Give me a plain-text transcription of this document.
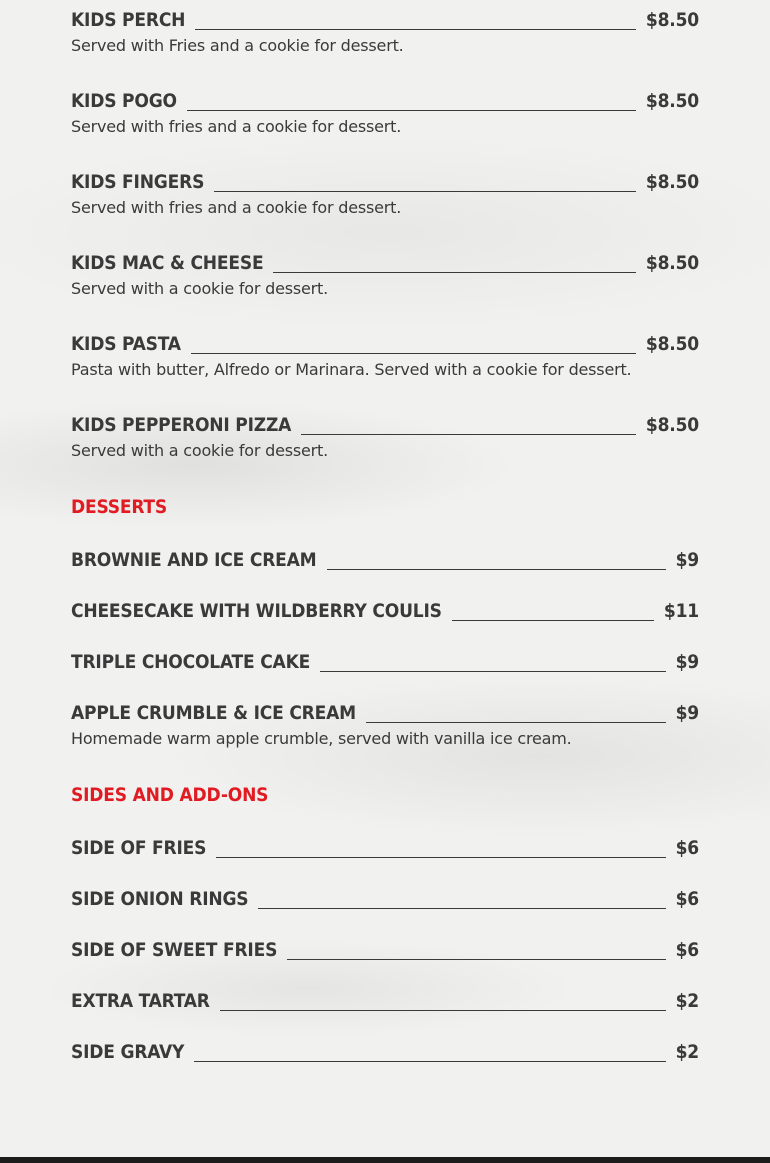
KIDS PERCH	$8.50
Served with Fries and a cookie for dessert.
KIDS POGO	$8.50
Served with fries and a cookie for dessert.
KIDS FINGERS	$8.50
Served with fries and a cookie for dessert.
KIDS MAC & CHEESE	$8.50
Served with a cookie for dessert.
KIDS PASTA	$8.50
Pasta with butter, Alfredo or Marinara. Served with a cookie for dessert.
KIDS PEPPERONI PIZZA	$8.50
Served with a cookie for dessert.
DESSERTS
BROWNIE AND ICE CREAM	$9
CHEESECAKE WITH WILDBERRY COULIS	$11
TRIPLE CHOCOLATE CAKE	$9
APPLE CRUMBLE & ICE CREAM	$9
Homemade warm apple crumble, served with vanilla ice cream.
SIDES AND ADD-ONS
SIDE OF FRIES	$6
SIDE ONION RINGS	$6
SIDE OF SWEET FRIES	$6
EXTRA TARTAR	$2
SIDE GRAVY	$2
